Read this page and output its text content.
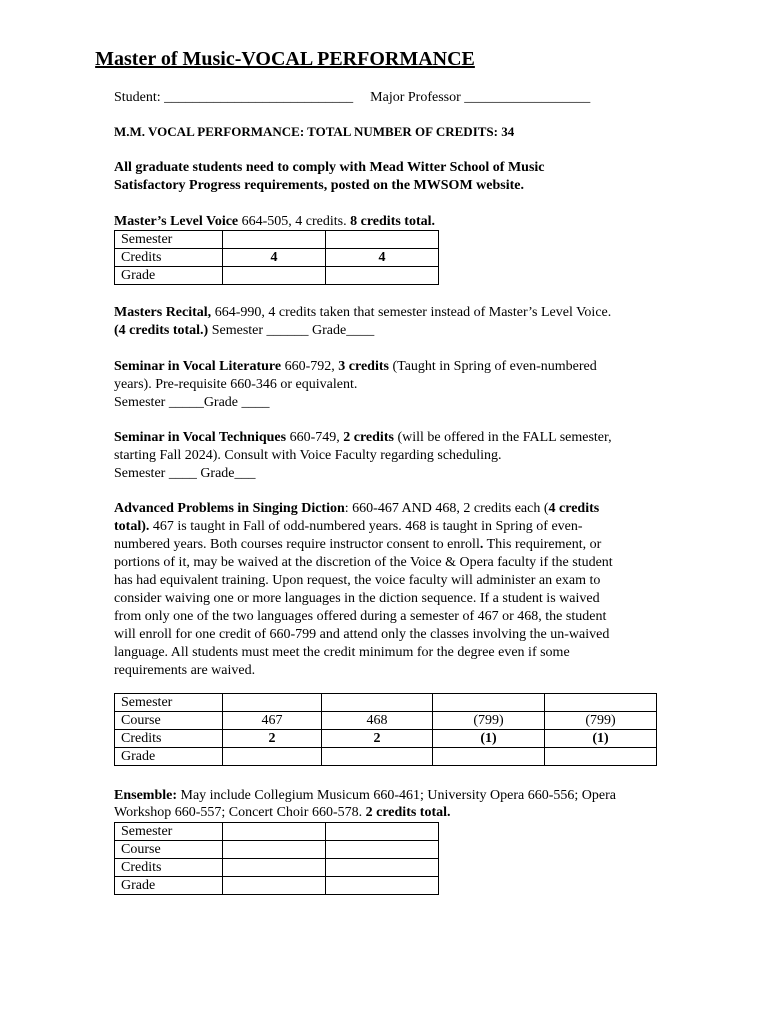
Master of Music-VOCAL PERFORMANCE
Student: ___________________________ Major Professor __________________
M.M. VOCAL PERFORMANCE: TOTAL NUMBER OF CREDITS: 34
All graduate students need to comply with Mead Witter School of Music
Satisfactory Progress requirements, posted on the MWSOM website.
Master’s Level Voice 664-505, 4 credits. 8 credits total.
Semester		
Credits	4	4
Grade		
Masters Recital, 664-990, 4 credits taken that semester instead of Master’s Level Voice.
(4 credits total.) Semester ______ Grade____
Seminar in Vocal Literature 660-792, 3 credits (Taught in Spring of even-numbered
years). Pre-requisite 660-346 or equivalent.
Semester _____Grade ____
Seminar in Vocal Techniques 660-749, 2 credits (will be offered in the FALL semester,
starting Fall 2024). Consult with Voice Faculty regarding scheduling.
Semester ____ Grade___
Advanced Problems in Singing Diction: 660-467 AND 468, 2 credits each (4 credits
total). 467 is taught in Fall of odd-numbered years. 468 is taught in Spring of even-
numbered years. Both courses require instructor consent to enroll. This requirement, or
portions of it, may be waived at the discretion of the Voice & Opera faculty if the student
has had equivalent training. Upon request, the voice faculty will administer an exam to
consider waiving one or more languages in the diction sequence. If a student is waived
from only one of the two languages offered during a semester of 467 or 468, the student
will enroll for one credit of 660-799 and attend only the classes involving the un-waived
language. All students must meet the credit minimum for the degree even if some
requirements are waived.
Semester				
Course	467	468	(799)	(799)
Credits	2	2	(1)	(1)
Grade				
Ensemble: May include Collegium Musicum 660-461; University Opera 660-556; Opera
Workshop 660-557; Concert Choir 660-578. 2 credits total.
Semester		
Course		
Credits		
Grade		
